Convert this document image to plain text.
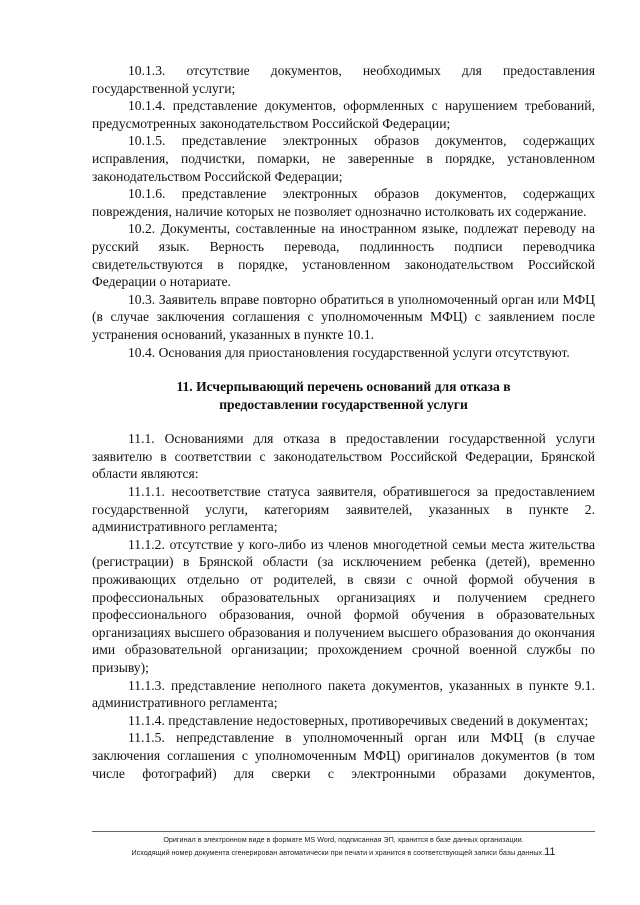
10.1.3. отсутствие документов, необходимых для предоставления государственной услуги;

10.1.4. представление документов, оформленных с нарушением требований, предусмотренных законодательством Российской Федерации;

10.1.5. представление электронных образов документов, содержащих исправления, подчистки, помарки, не заверенные в порядке, установленном законодательством Российской Федерации;

10.1.6. представление электронных образов документов, содержащих повреждения, наличие которых не позволяет однозначно истолковать их содержание.

10.2. Документы, составленные на иностранном языке, подлежат переводу на русский язык. Верность перевода, подлинность подписи переводчика свидетельствуются в порядке, установленном законодательством Российской Федерации о нотариате.

10.3. Заявитель вправе повторно обратиться в уполномоченный орган или МФЦ (в случае заключения соглашения с уполномоченным МФЦ) с заявлением после устранения оснований, указанных в пункте 10.1.

10.4. Основания для приостановления государственной услуги отсутствуют.

11. Исчерпывающий перечень оснований для отказа в

предоставлении государственной услуги

11.1. Основаниями для отказа в предоставлении государственной услуги заявителю в соответствии с законодательством Российской Федерации, Брянской области являются:

11.1.1. несоответствие статуса заявителя, обратившегося за предоставлением государственной услуги, категориям заявителей, указанных в пункте 2. административного регламента;

11.1.2. отсутствие у кого-либо из членов многодетной семьи места жительства (регистрации) в Брянской области (за исключением ребенка (детей), временно проживающих отдельно от родителей, в связи с очной формой обучения в профессиональных образовательных организациях и получением среднего профессионального образования, очной формой обучения в образовательных организациях высшего образования и получением высшего образования до окончания ими образовательной организации; прохождением срочной военной службы по призыву);

11.1.3. представление неполного пакета документов, указанных в пункте 9.1. административного регламента;

11.1.4. представление недостоверных, противоречивых сведений в документах;

11.1.5. непредставление в уполномоченный орган или МФЦ (в случае заключения соглашения с уполномоченным МФЦ) оригиналов документов (в том числе фотографий) для сверки с электронными образами документов,

Оригинал в электронном виде в формате MS Word, подписанная ЭП, хранится в базе данных организации.
Исходящий номер документа сгенерирован автоматически при печати и хранится в соответствующей записи базы данных.11
